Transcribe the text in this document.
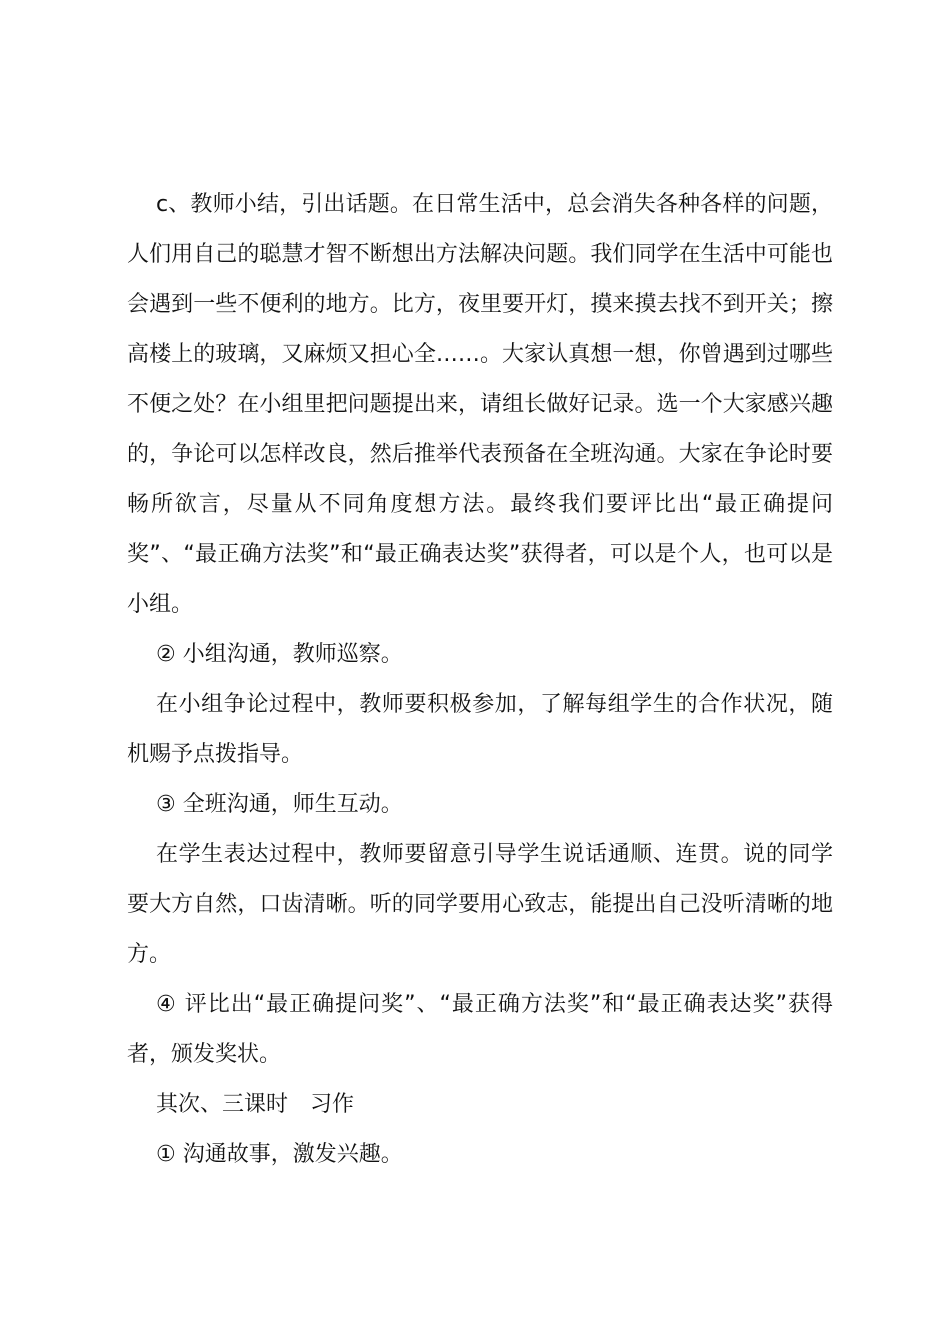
c、教师小结，引出话题。在日常生活中，总会消失各种各样的问题，人们用自己的聪慧才智不断想出方法解决问题。我们同学在生活中可能也会遇到一些不便利的地方。比方，夜里要开灯，摸来摸去找不到开关；擦高楼上的玻璃，又麻烦又担心全……。大家认真想一想，你曾遇到过哪些不便之处？在小组里把问题提出来，请组长做好记录。选一个大家感兴趣的，争论可以怎样改良，然后推举代表预备在全班沟通。大家在争论时要畅所欲言，尽量从不同角度想方法。最终我们要评比出“最正确提问奖”、“最正确方法奖”和“最正确表达奖”获得者，可以是个人，也可以是小组。

② 小组沟通，教师巡察。

在小组争论过程中，教师要积极参加，了解每组学生的合作状况，随机赐予点拨指导。

③ 全班沟通，师生互动。

在学生表达过程中，教师要留意引导学生说话通顺、连贯。说的同学要大方自然，口齿清晰。听的同学要用心致志，能提出自己没听清晰的地方。

④ 评比出“最正确提问奖”、“最正确方法奖”和“最正确表达奖”获得者，颁发奖状。

其次、三课时　习作

① 沟通故事，激发兴趣。
